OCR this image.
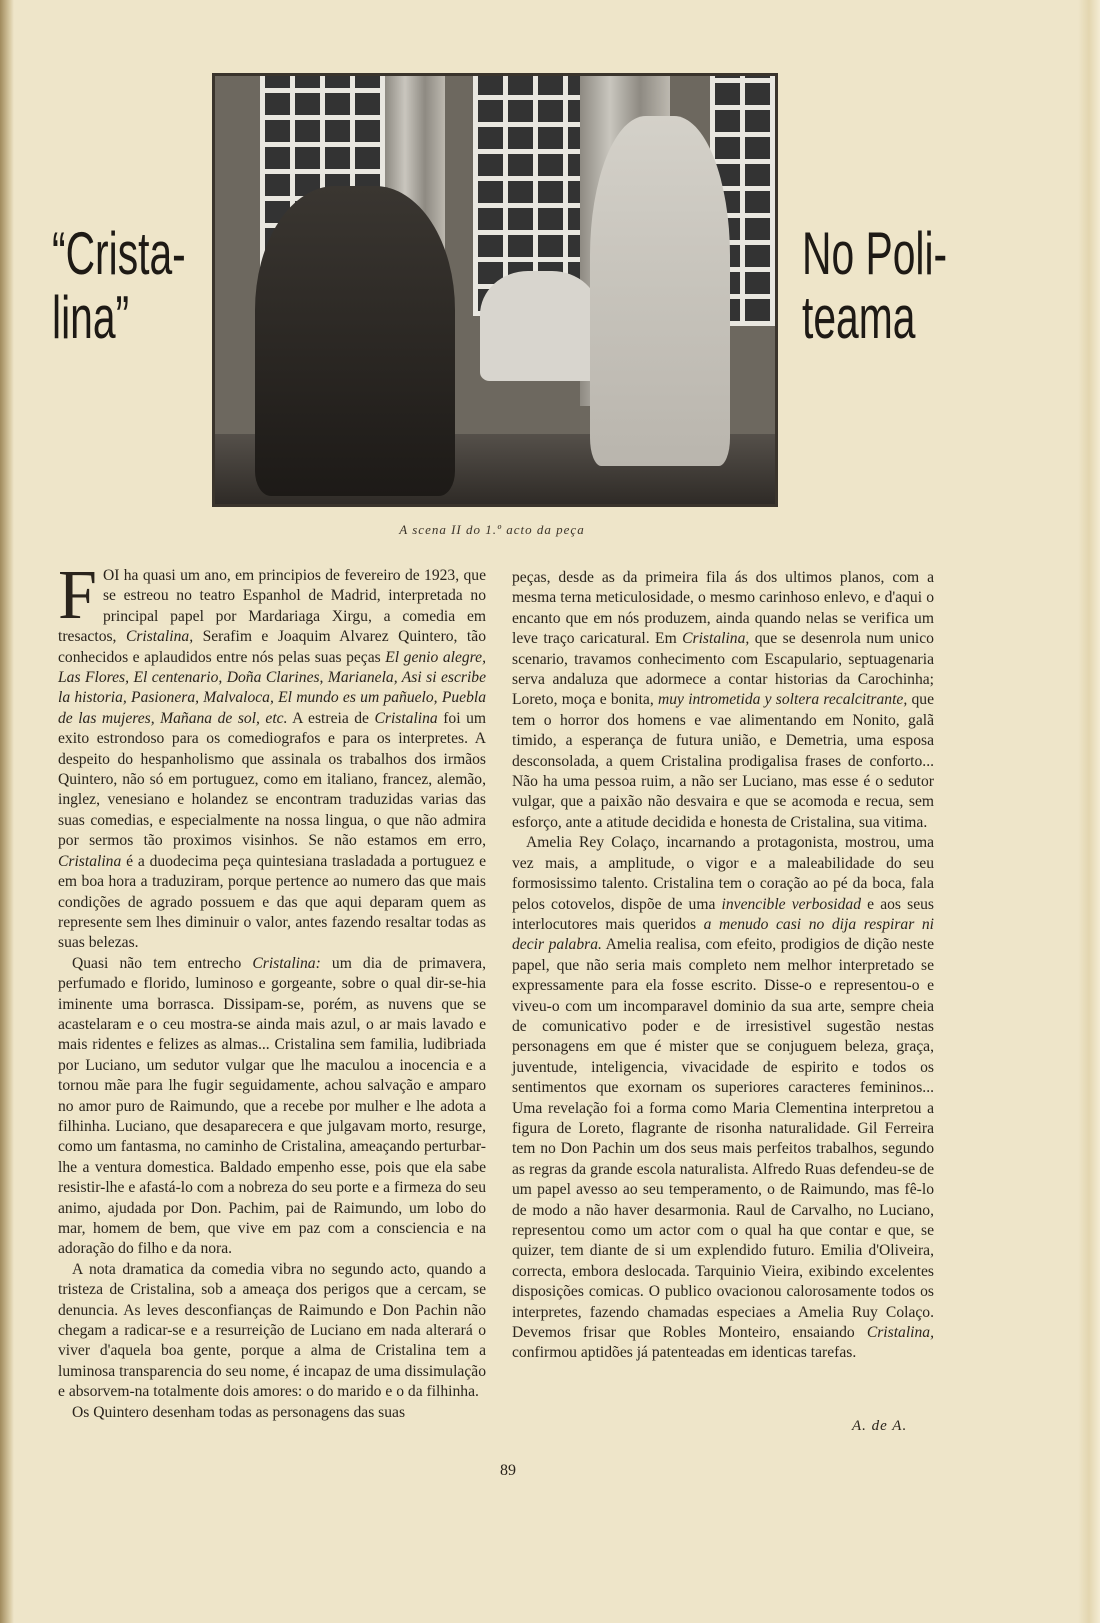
“Crista-
lina”
No Poli-
teama
A scena II do 1.º acto da peça

FOI ha quasi um ano, em principios de fevereiro de 1923, que se estreou no teatro Espanhol de Madrid, interpretada no principal papel por Mardariaga Xirgu, a comedia em tresactos, Cristalina, Serafim e Joaquim Alvarez Quintero, tão conhecidos e aplaudidos entre nós pelas suas peças El genio alegre, Las Flores, El centenario, Doña Clarines, Marianela, Asi si escribe la historia, Pasionera, Malvaloca, El mundo es um pañuelo, Puebla de las mujeres, Mañana de sol, etc. A estreia de Cristalina foi um exito estrondoso para os comediografos e para os interpretes. A despeito do hespanholismo que assinala os trabalhos dos irmãos Quintero, não só em portuguez, como em italiano, francez, alemão, inglez, venesiano e holandez se encontram traduzidas varias das suas comedias, e especialmente na nossa lingua, o que não admira por sermos tão proximos visinhos. Se não estamos em erro, Cristalina é a duodecima peça quintesiana trasladada a portuguez e em boa hora a traduziram, porque pertence ao numero das que mais condições de agrado possuem e das que aqui deparam quem as represente sem lhes diminuir o valor, antes fazendo resaltar todas as suas belezas.

Quasi não tem entrecho Cristalina: um dia de primavera, perfumado e florido, luminoso e gorgeante, sobre o qual dir-se-hia iminente uma borrasca. Dissipam-se, porém, as nuvens que se acastelaram e o ceu mostra-se ainda mais azul, o ar mais lavado e mais ridentes e felizes as almas... Cristalina sem familia, ludibriada por Luciano, um sedutor vulgar que lhe maculou a inocencia e a tornou mãe para lhe fugir seguidamente, achou salvação e amparo no amor puro de Raimundo, que a recebe por mulher e lhe adota a filhinha. Luciano, que desaparecera e que julgavam morto, resurge, como um fantasma, no caminho de Cristalina, ameaçando perturbar-lhe a ventura domestica. Baldado empenho esse, pois que ela sabe resistir-lhe e afastá-lo com a nobreza do seu porte e a firmeza do seu animo, ajudada por Don. Pachim, pai de Raimundo, um lobo do mar, homem de bem, que vive em paz com a consciencia e na adoração do filho e da nora.

A nota dramatica da comedia vibra no segundo acto, quando a tristeza de Cristalina, sob a ameaça dos perigos que a cercam, se denuncia. As leves desconfianças de Raimundo e Don Pachin não chegam a radicar-se e a resurreição de Luciano em nada alterará o viver d'aquela boa gente, porque a alma de Cristalina tem a luminosa transparencia do seu nome, é incapaz de uma dissimulação e absorvem-na totalmente dois amores: o do marido e o da filhinha.

Os Quintero desenham todas as personagens das suas

peças, desde as da primeira fila ás dos ultimos planos, com a mesma terna meticulosidade, o mesmo carinhoso enlevo, e d'aqui o encanto que em nós produzem, ainda quando nelas se verifica um leve traço caricatural. Em Cristalina, que se desenrola num unico scenario, travamos conhecimento com Escapulario, septuagenaria serva andaluza que adormece a contar historias da Carochinha; Loreto, moça e bonita, muy intrometida y soltera recalcitrante, que tem o horror dos homens e vae alimentando em Nonito, galã timido, a esperança de futura união, e Demetria, uma esposa desconsolada, a quem Cristalina prodigalisa frases de conforto... Não ha uma pessoa ruim, a não ser Luciano, mas esse é o sedutor vulgar, que a paixão não desvaira e que se acomoda e recua, sem esforço, ante a atitude decidida e honesta de Cristalina, sua vitima.

Amelia Rey Colaço, incarnando a protagonista, mostrou, uma vez mais, a amplitude, o vigor e a maleabilidade do seu formosissimo talento. Cristalina tem o coração ao pé da boca, fala pelos cotovelos, dispõe de uma invencible verbosidad e aos seus interlocutores mais queridos a menudo casi no dija respirar ni decir palabra. Amelia realisa, com efeito, prodigios de dição neste papel, que não seria mais completo nem melhor interpretado se expressamente para ela fosse escrito. Disse-o e representou-o e viveu-o com um incomparavel dominio da sua arte, sempre cheia de comunicativo poder e de irresistivel sugestão nestas personagens em que é mister que se conjuguem beleza, graça, juventude, inteligencia, vivacidade de espirito e todos os sentimentos que exornam os superiores caracteres femininos... Uma revelação foi a forma como Maria Clementina interpretou a figura de Loreto, flagrante de risonha naturalidade. Gil Ferreira tem no Don Pachin um dos seus mais perfeitos trabalhos, segundo as regras da grande escola naturalista. Alfredo Ruas defendeu-se de um papel avesso ao seu temperamento, o de Raimundo, mas fê-lo de modo a não haver desarmonia. Raul de Carvalho, no Luciano, representou como um actor com o qual ha que contar e que, se quizer, tem diante de si um explendido futuro. Emilia d'Oliveira, correcta, embora deslocada. Tarquinio Vieira, exibindo excelentes disposições comicas. O publico ovacionou calorosamente todos os interpretes, fazendo chamadas especiaes a Amelia Ruy Colaço. Devemos frisar que Robles Monteiro, ensaiando Cristalina, confirmou aptidões já patenteadas em identicas tarefas.

A. de A.
89
